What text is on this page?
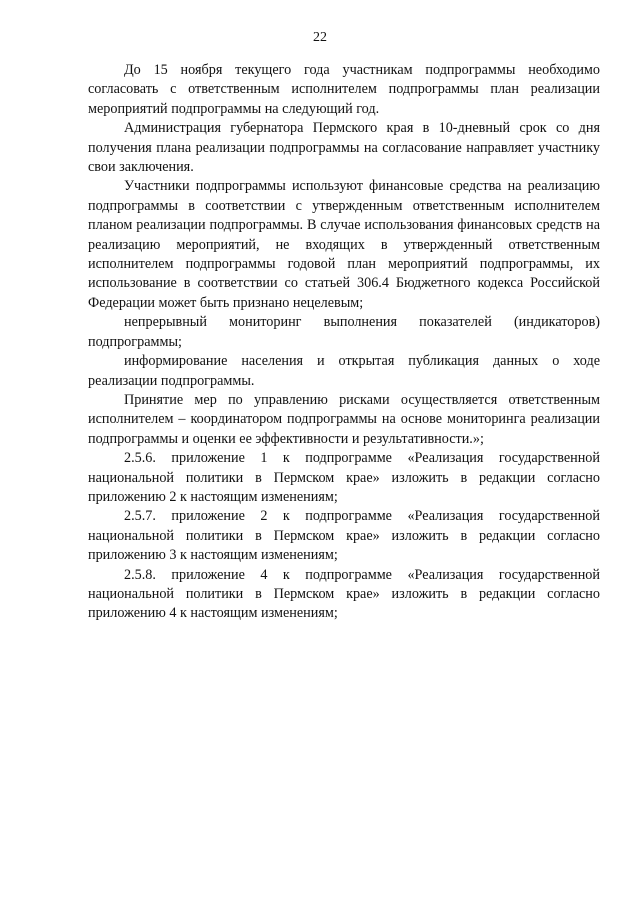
22

До 15 ноября текущего года участникам подпрограммы необходимо согласовать с ответственным исполнителем подпрограммы план реализации мероприятий подпрограммы на следующий год.

Администрация губернатора Пермского края в 10-дневный срок со дня получения плана реализации подпрограммы на согласование направляет участнику свои заключения.

Участники подпрограммы используют финансовые средства на реализацию подпрограммы в соответствии с утвержденным ответственным исполнителем планом реализации подпрограммы. В случае использования финансовых средств на реализацию мероприятий, не входящих в утвержденный ответственным исполнителем подпрограммы годовой план мероприятий подпрограммы, их использование в соответствии со статьей 306.4 Бюджетного кодекса Российской Федерации может быть признано нецелевым;

непрерывный мониторинг выполнения показателей (индикаторов) подпрограммы;

информирование населения и открытая публикация данных о ходе реализации подпрограммы.

Принятие мер по управлению рисками осуществляется ответственным исполнителем – координатором подпрограммы на основе мониторинга реализации подпрограммы и оценки ее эффективности и результативности.»;

2.5.6. приложение 1 к подпрограмме «Реализация государственной национальной политики в Пермском крае» изложить в редакции согласно приложению 2 к настоящим изменениям;

2.5.7. приложение 2 к подпрограмме «Реализация государственной национальной политики в Пермском крае» изложить в редакции согласно приложению 3 к настоящим изменениям;

2.5.8. приложение 4 к подпрограмме «Реализация государственной национальной политики в Пермском крае» изложить в редакции согласно приложению 4 к настоящим изменениям;
